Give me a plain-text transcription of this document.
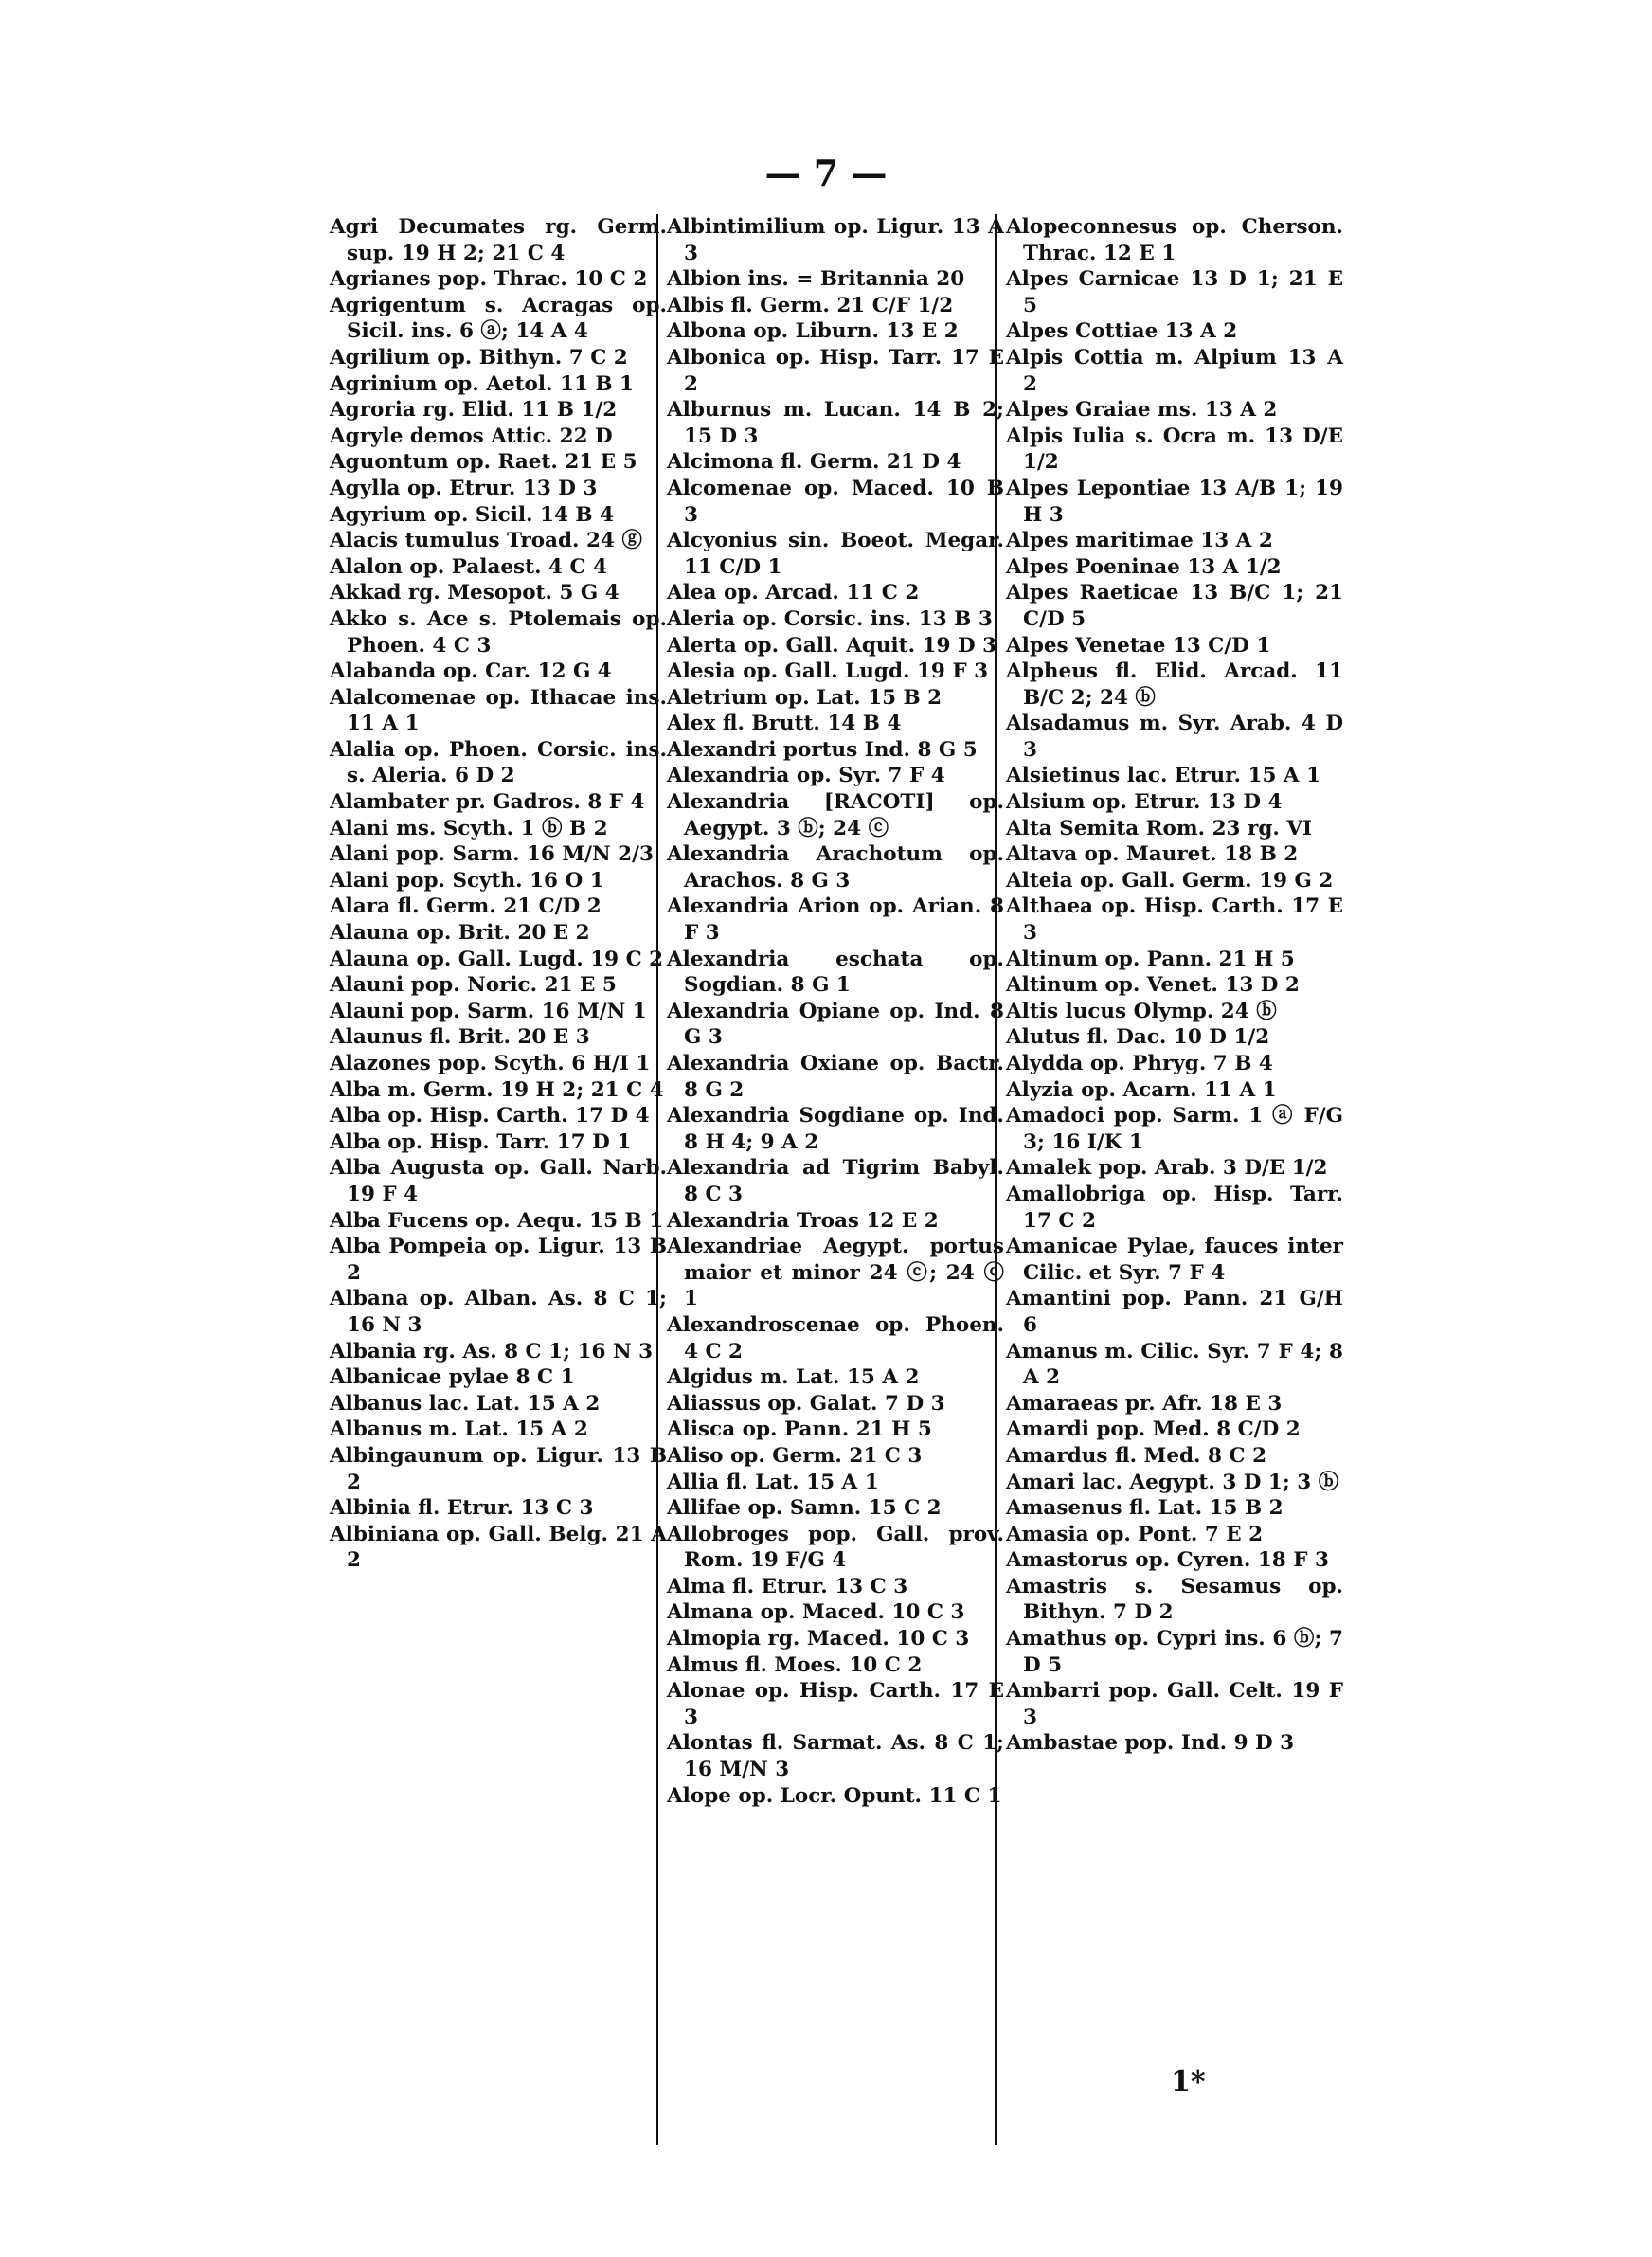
— 7 —
Agri Decumates rg. Germ. sup. 19 H 2; 21 C 4
Agrianes pop. Thrac. 10 C 2
Agrigentum s. Acragas op. Sicil. ins. 6 ⓐ; 14 A 4
Agrilium op. Bithyn. 7 C 2
Agrinium op. Aetol. 11 B 1
Agroria rg. Elid. 11 B 1/2
Agryle demos Attic. 22 D
Aguontum op. Raet. 21 E 5
Agylla op. Etrur. 13 D 3
Agyrium op. Sicil. 14 B 4
Alacis tumulus Troad. 24 ⓖ
Alalon op. Palaest. 4 C 4
Akkad rg. Mesopot. 5 G 4
Akko s. Ace s. Ptolemais op. Phoen. 4 C 3
Alabanda op. Car. 12 G 4
Alalcomenae op. Ithacae ins. 11 A 1
Alalia op. Phoen. Corsic. ins. s. Aleria. 6 D 2
Alambater pr. Gadros. 8 F 4
Alani ms. Scyth. 1 ⓑ B 2
Alani pop. Sarm. 16 M/N 2/3
Alani pop. Scyth. 16 O 1
Alara fl. Germ. 21 C/D 2
Alauna op. Brit. 20 E 2
Alauna op. Gall. Lugd. 19 C 2
Alauni pop. Noric. 21 E 5
Alauni pop. Sarm. 16 M/N 1
Alaunus fl. Brit. 20 E 3
Alazones pop. Scyth. 6 H/I 1
Alba m. Germ. 19 H 2; 21 C 4
Alba op. Hisp. Carth. 17 D 4
Alba op. Hisp. Tarr. 17 D 1
Alba Augusta op. Gall. Narb. 19 F 4
Alba Fucens op. Aequ. 15 B 1
Alba Pompeia op. Ligur. 13 B 2
Albana op. Alban. As. 8 C 1; 16 N 3
Albania rg. As. 8 C 1; 16 N 3
Albanicae pylae 8 C 1
Albanus lac. Lat. 15 A 2
Albanus m. Lat. 15 A 2
Albingaunum op. Ligur. 13 B 2
Albinia fl. Etrur. 13 C 3
Albiniana op. Gall. Belg. 21 A 2
Albintimilium op. Ligur. 13 A 3
Albion ins. = Britannia 20
Albis fl. Germ. 21 C/F 1/2
Albona op. Liburn. 13 E 2
Albonica op. Hisp. Tarr. 17 E 2
Alburnus m. Lucan. 14 B 2; 15 D 3
Alcimona fl. Germ. 21 D 4
Alcomenae op. Maced. 10 B 3
Alcyonius sin. Boeot. Megar. 11 C/D 1
Alea op. Arcad. 11 C 2
Aleria op. Corsic. ins. 13 B 3
Alerta op. Gall. Aquit. 19 D 3
Alesia op. Gall. Lugd. 19 F 3
Aletrium op. Lat. 15 B 2
Alex fl. Brutt. 14 B 4
Alexandri portus Ind. 8 G 5
Alexandria op. Syr. 7 F 4
Alexandria [RACOTI] op. Aegypt. 3 ⓑ; 24 ⓒ
Alexandria Arachotum op. Arachos. 8 G 3
Alexandria Arion op. Arian. 8 F 3
Alexandria eschata op. Sogdian. 8 G 1
Alexandria Opiane op. Ind. 8 G 3
Alexandria Oxiane op. Bactr. 8 G 2
Alexandria Sogdiane op. Ind. 8 H 4; 9 A 2
Alexandria ad Tigrim Babyl. 8 C 3
Alexandria Troas 12 E 2
Alexandriae Aegypt. portus maior et minor 24 ⓒ; 24 ⓒ 1
Alexandroscenae op. Phoen. 4 C 2
Algidus m. Lat. 15 A 2
Aliassus op. Galat. 7 D 3
Alisca op. Pann. 21 H 5
Aliso op. Germ. 21 C 3
Allia fl. Lat. 15 A 1
Allifae op. Samn. 15 C 2
Allobroges pop. Gall. prov. Rom. 19 F/G 4
Alma fl. Etrur. 13 C 3
Almana op. Maced. 10 C 3
Almopia rg. Maced. 10 C 3
Almus fl. Moes. 10 C 2
Alonae op. Hisp. Carth. 17 E 3
Alontas fl. Sarmat. As. 8 C 1; 16 M/N 3
Alope op. Locr. Opunt. 11 C 1
Alopeconnesus op. Cherson. Thrac. 12 E 1
Alpes Carnicae 13 D 1; 21 E 5
Alpes Cottiae 13 A 2
Alpis Cottia m. Alpium 13 A 2
Alpes Graiae ms. 13 A 2
Alpis Iulia s. Ocra m. 13 D/E 1/2
Alpes Lepontiae 13 A/B 1; 19 H 3
Alpes maritimae 13 A 2
Alpes Poeninae 13 A 1/2
Alpes Raeticae 13 B/C 1; 21 C/D 5
Alpes Venetae 13 C/D 1
Alpheus fl. Elid. Arcad. 11 B/C 2; 24 ⓑ
Alsadamus m. Syr. Arab. 4 D 3
Alsietinus lac. Etrur. 15 A 1
Alsium op. Etrur. 13 D 4
Alta Semita Rom. 23 rg. VI
Altava op. Mauret. 18 B 2
Alteia op. Gall. Germ. 19 G 2
Althaea op. Hisp. Carth. 17 E 3
Altinum op. Pann. 21 H 5
Altinum op. Venet. 13 D 2
Altis lucus Olymp. 24 ⓑ
Alutus fl. Dac. 10 D 1/2
Alydda op. Phryg. 7 B 4
Alyzia op. Acarn. 11 A 1
Amadoci pop. Sarm. 1 ⓐ F/G 3; 16 I/K 1
Amalek pop. Arab. 3 D/E 1/2
Amallobriga op. Hisp. Tarr. 17 C 2
Amanicae Pylae, fauces inter Cilic. et Syr. 7 F 4
Amantini pop. Pann. 21 G/H 6
Amanus m. Cilic. Syr. 7 F 4; 8 A 2
Amaraeas pr. Afr. 18 E 3
Amardi pop. Med. 8 C/D 2
Amardus fl. Med. 8 C 2
Amari lac. Aegypt. 3 D 1; 3 ⓑ
Amasenus fl. Lat. 15 B 2
Amasia op. Pont. 7 E 2
Amastorus op. Cyren. 18 F 3
Amastris s. Sesamus op. Bithyn. 7 D 2
Amathus op. Cypri ins. 6 ⓑ; 7 D 5
Ambarri pop. Gall. Celt. 19 F 3
Ambastae pop. Ind. 9 D 3
1*
